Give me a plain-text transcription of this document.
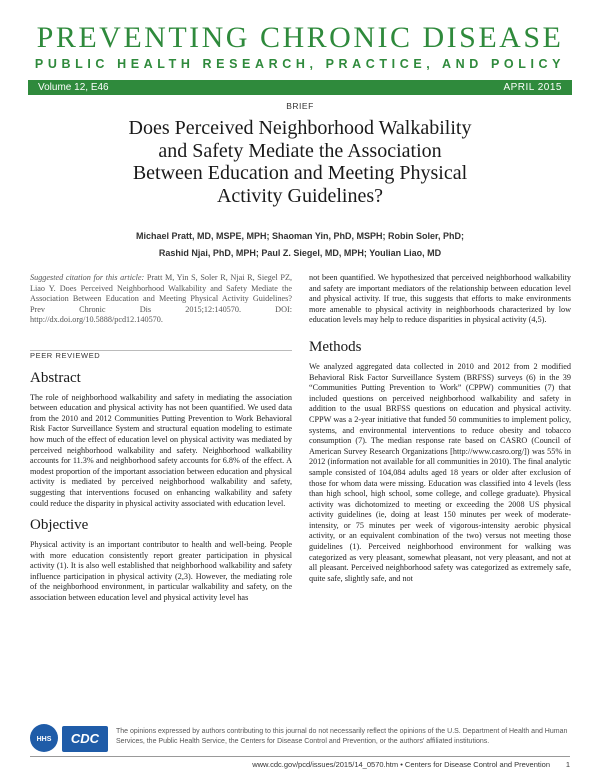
PREVENTING CHRONIC DISEASE
PUBLIC HEALTH RESEARCH, PRACTICE, AND POLICY
Volume 12, E46	APRIL 2015
BRIEF
Does Perceived Neighborhood Walkability
and Safety Mediate the Association
Between Education and Meeting Physical
Activity Guidelines?
Michael Pratt, MD, MSPE, MPH; Shaoman Yin, PhD, MSPH; Robin Soler, PhD;
Rashid Njai, PhD, MPH; Paul Z. Siegel, MD, MPH; Youlian Liao, MD

Suggested citation for this article: Pratt M, Yin S, Soler R, Njai R, Siegel PZ, Liao Y. Does Perceived Neighborhood Walkability and Safety Mediate the Association Between Education and Meeting Physical Activity Guidelines? Prev Chronic Dis 2015;12:140570. DOI: http://dx.doi.org/10.5888/pcd12.140570.

PEER REVIEWED
Abstract

The role of neighborhood walkability and safety in mediating the association between education and physical activity has not been quantified. We used data from the 2010 and 2012 Communities Putting Prevention to Work Behavioral Risk Factor Surveillance System and structural equation modeling to estimate how much of the effect of education level on physical activity was mediated by perceived neighborhood walkability and safety. Neighborhood walkability accounts for 11.3% and neighborhood safety accounts for 6.8% of the effect. A modest proportion of the important association between education and physical activity is mediated by perceived neighborhood walkability and safety, suggesting that interventions focused on enhancing walkability and safety could reduce the disparity in physical activity associated with education level.

Objective

Physical activity is an important contributor to health and well-being. People with more education consistently report greater participation in physical activity (1). It is also well established that neighborhood walkability and safety influence participation in physical activity (2,3). However, the mediating role of the neighborhood environment, in particular walkability and safety, on the association between education level and physical activity level has

not been quantified. We hypothesized that perceived neighborhood walkability and safety are important mediators of the relationship between education level and physical activity. If true, this suggests that efforts to make environments more amenable to physical activity in neighborhoods characterized by low education levels may help to reduce disparities in physical activity (4,5).

Methods

We analyzed aggregated data collected in 2010 and 2012 from 2 modified Behavioral Risk Factor Surveillance System (BRFSS) surveys (6) in the 39 “Communities Putting Prevention to Work” (CPPW) communities (7) that included questions on perceived neighborhood walkability and safety in addition to the usual BRFSS questions on education and physical activity. CPPW was a 2-year initiative that funded 50 communities to implement policy, systems, and environmental interventions to reduce obesity and tobacco consumption (7). The median response rate based on CASRO (Council of American Survey Research Organizations [http://www.casro.org/]) was 55% in 2012 (information not available for all communities in 2010). The final analytic sample consisted of 104,084 adults aged 18 years or older after exclusion of those for whom data were missing. Education was classified into 4 levels (less than high school, high school, some college, and college graduate). Physical activity was dichotomized to meeting or exceeding the 2008 US physical activity guidelines (ie, doing at least 150 minutes per week of moderate-intensity, or 75 minutes per week of vigorous-intensity aerobic physical activity, or an equivalent combination of the two) versus not meeting those guidelines (1). Perceived neighborhood environment for walking was categorized as very pleasant, somewhat pleasant, not very pleasant, and not at all pleasant. Perceived neighborhood safety was categorized as extremely safe, quite safe, slightly safe, and not

HHS	CDC	The opinions expressed by authors contributing to this journal do not necessarily reflect the opinions of the U.S. Department of Health and Human Services, the Public Health Service, the Centers for Disease Control and Prevention, or the authors' affiliated institutions.
www.cdc.gov/pcd/issues/2015/14_0570.htm • Centers for Disease Control and Prevention	1
